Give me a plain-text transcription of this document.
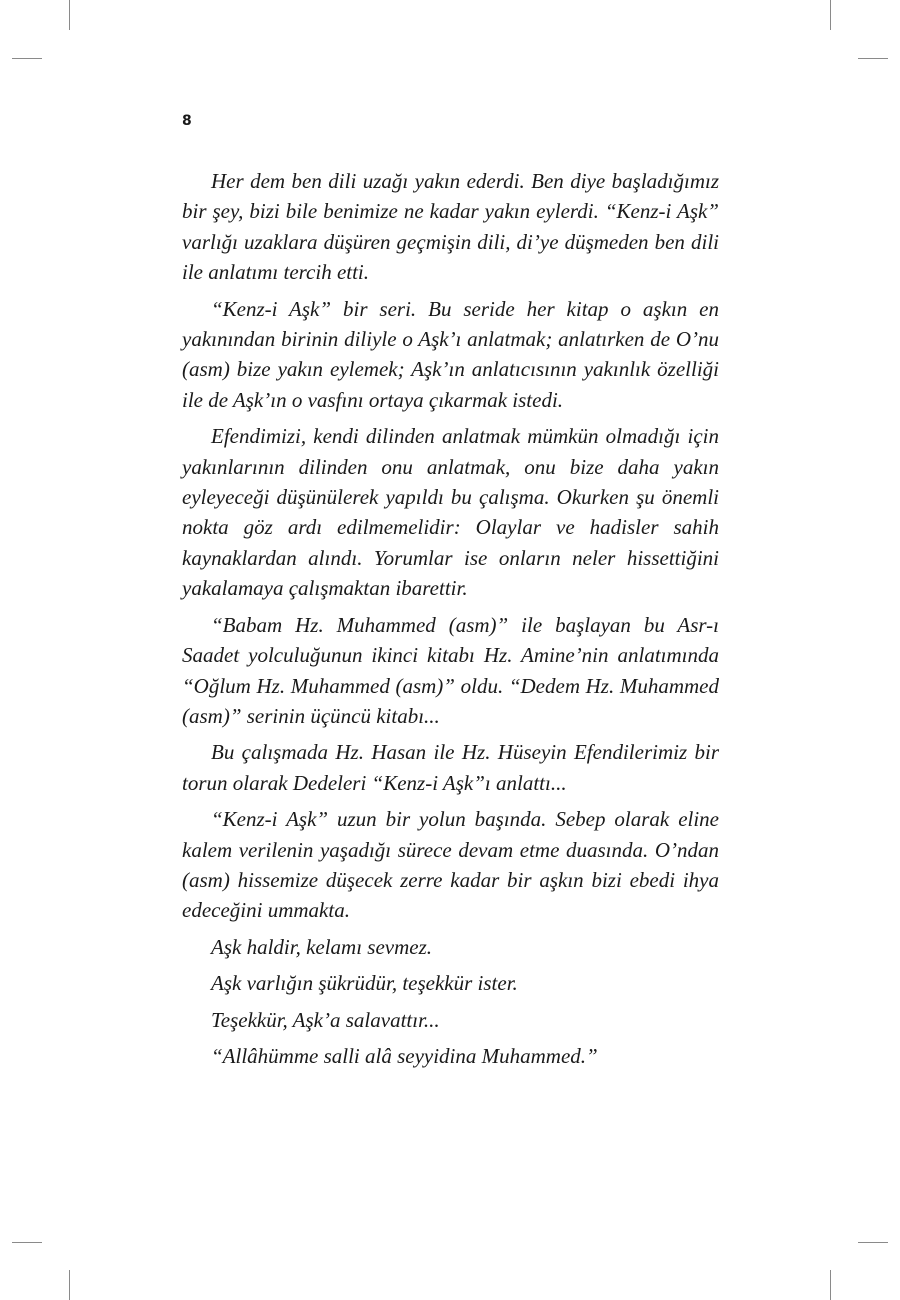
8

Her dem ben dili uzağı yakın ederdi. Ben diye başladığımız bir şey, bizi bile benimize ne kadar yakın eylerdi. “Kenz-i Aşk” varlığı uzaklara düşüren geçmişin dili, di’ye düşmeden ben dili ile anlatımı tercih etti.

“Kenz-i Aşk” bir seri. Bu seride her kitap o aşkın en yakınından birinin diliyle o Aşk’ı anlatmak; anlatırken de O’nu (asm) bize yakın eylemek; Aşk’ın anlatıcısının yakınlık özelliği ile de Aşk’ın o vasfını ortaya çıkarmak istedi.

Efendimizi, kendi dilinden anlatmak mümkün olmadığı için yakınlarının dilinden onu anlatmak, onu bize daha yakın eyleyeceği düşünülerek yapıldı bu çalışma. Okurken şu önemli nokta göz ardı edilmemelidir: Olaylar ve hadisler sahih kaynaklardan alındı. Yorumlar ise onların neler hissettiğini yakalamaya çalışmaktan ibarettir.

“Babam Hz. Muhammed (asm)” ile başlayan bu Asr-ı Saadet yolculuğunun ikinci kitabı Hz. Amine’nin anlatımında “Oğlum Hz. Muhammed (asm)” oldu. “Dedem Hz. Muhammed (asm)” serinin üçüncü kitabı...

Bu çalışmada Hz. Hasan ile Hz. Hüseyin Efendilerimiz bir torun olarak Dedeleri “Kenz-i Aşk”ı anlattı...

“Kenz-i Aşk” uzun bir yolun başında. Sebep olarak eline kalem verilenin yaşadığı sürece devam etme duasında. O’ndan (asm) hissemize düşecek zerre kadar bir aşkın bizi ebedi ihya edeceğini ummakta.

Aşk haldir, kelamı sevmez.

Aşk varlığın şükrüdür, teşekkür ister.

Teşekkür, Aşk’a salavattır...

“Allâhümme salli alâ seyyidina Muhammed.”
